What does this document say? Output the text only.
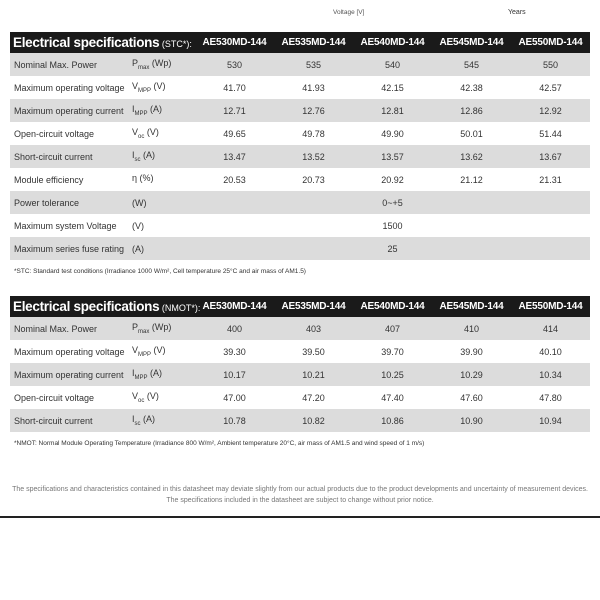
Voltage [V]	Years
Electrical specifications (STC*):	AE530MD-144	AE535MD-144	AE540MD-144	AE545MD-144	AE550MD-144
Nominal Max. Power	$P_{max}$ (Wp)	530	535	540	545	550
Maximum operating voltage $V_{MPP}$ (V)	41.70	41.93	42.15	42.38	42.57
Maximum operating current $I_{MPP}$ (A)	12.71	12.76	12.81	12.86	12.92
Open-circuit voltage	$V_{oc}$ (V)	49.65	49.78	49.90	50.01	51.44
Short-circuit current	$I_{sc}$ (A)	13.47	13.52	13.57	13.62	13.67
Module efficiency	η (%)	20.53	20.73	20.92	21.12	21.31
Power tolerance	(W)	0~+5
Maximum system Voltage	(V)	1500
Maximum series fuse rating (A)	25
*STC: Standard test conditions (Irradiance 1000 W/m², Cell temperature 25°C and air mass of AM1.5)
Electrical specifications (NMOT*): AE530MD-144	AE535MD-144	AE540MD-144	AE545MD-144	AE550MD-144
Nominal Max. Power	$P_{max}$ (Wp)	400	403	407	410	414
Maximum operating voltage $V_{MPP}$ (V)	39.30	39.50	39.70	39.90	40.10
Maximum operating current $I_{MPP}$ (A)	10.17	10.21	10.25	10.29	10.34
Open-circuit voltage	$V_{oc}$ (V)	47.00	47.20	47.40	47.60	47.80
Short-circuit current	$I_{sc}$ (A)	10.78	10.82	10.86	10.90	10.94
*NMOT: Normal Module Operating Temperature (Irradiance 800 W/m², Ambient temperature 20°C, air mass of AM1.5 and wind speed of 1 m/s)
The specifications and characteristics contained in this datasheet may deviate slightly from our actual products due to the product developments and uncertainty of measurement devices.
The specifications included in the datasheet are subject to change without prior notice.
